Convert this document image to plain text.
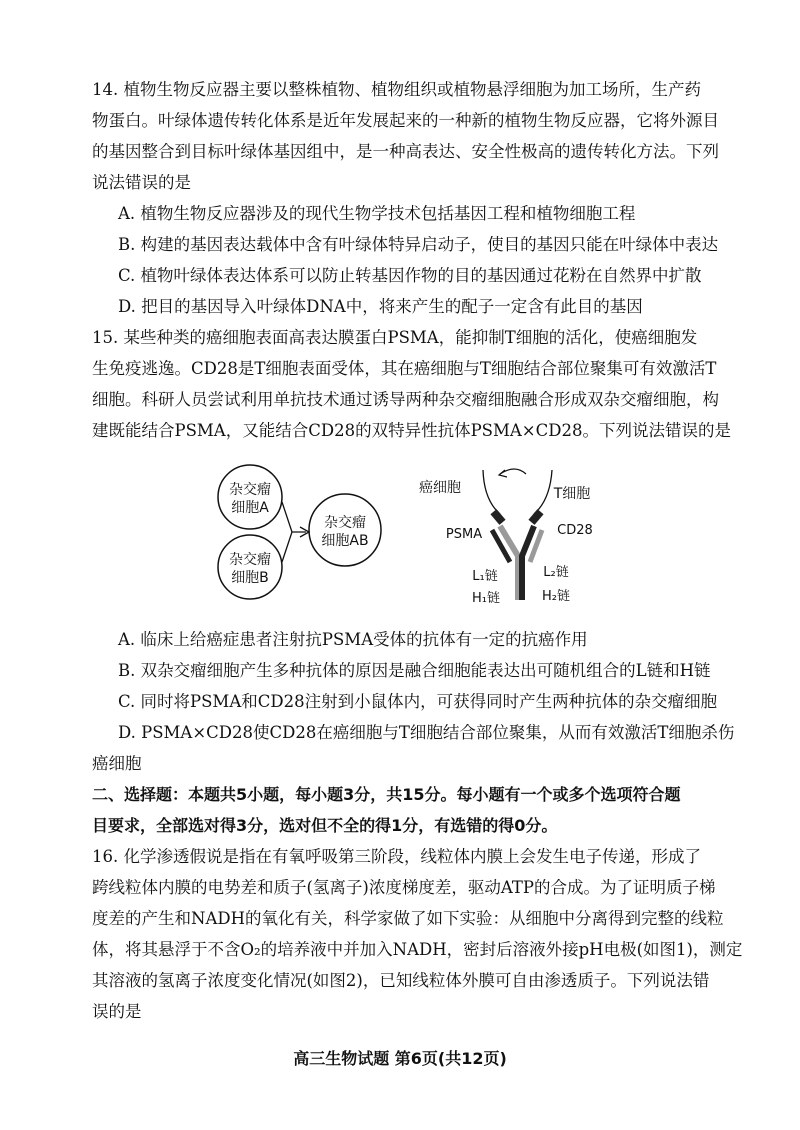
14. 植物生物反应器主要以整株植物、植物组织或植物悬浮细胞为加工场所，生产药
物蛋白。叶绿体遗传转化体系是近年发展起来的一种新的植物生物反应器，它将外源目
的基因整合到目标叶绿体基因组中，是一种高表达、安全性极高的遗传转化方法。下列
说法错误的是
A. 植物生物反应器涉及的现代生物学技术包括基因工程和植物细胞工程
B. 构建的基因表达载体中含有叶绿体特异启动子，使目的基因只能在叶绿体中表达
C. 植物叶绿体表达体系可以防止转基因作物的目的基因通过花粉在自然界中扩散
D. 把目的基因导入叶绿体DNA中，将来产生的配子一定含有此目的基因
15. 某些种类的癌细胞表面高表达膜蛋白PSMA，能抑制T细胞的活化，使癌细胞发
生免疫逃逸。CD28是T细胞表面受体，其在癌细胞与T细胞结合部位聚集可有效激活T
细胞。科研人员尝试利用单抗技术通过诱导两种杂交瘤细胞融合形成双杂交瘤细胞，构
建既能结合PSMA，又能结合CD28的双特异性抗体PSMA×CD28。下列说法错误的是
杂交瘤
细胞A
杂交瘤
细胞B
杂交瘤
细胞AB
癌细胞	T细胞
PSMA	CD28
L₁链	L₂链
H₁链	H₂链
A. 临床上给癌症患者注射抗PSMA受体的抗体有一定的抗癌作用
B. 双杂交瘤细胞产生多种抗体的原因是融合细胞能表达出可随机组合的L链和H链
C. 同时将PSMA和CD28注射到小鼠体内，可获得同时产生两种抗体的杂交瘤细胞
D. PSMA×CD28使CD28在癌细胞与T细胞结合部位聚集，从而有效激活T细胞杀伤
癌细胞
二、选择题：本题共5小题，每小题3分，共15分。每小题有一个或多个选项符合题
目要求，全部选对得3分，选对但不全的得1分，有选错的得0分。
16. 化学渗透假说是指在有氧呼吸第三阶段，线粒体内膜上会发生电子传递，形成了
跨线粒体内膜的电势差和质子(氢离子)浓度梯度差，驱动ATP的合成。为了证明质子梯
度差的产生和NADH的氧化有关，科学家做了如下实验：从细胞中分离得到完整的线粒
体，将其悬浮于不含O₂的培养液中并加入NADH，密封后溶液外接pH电极(如图1)，测定
其溶液的氢离子浓度变化情况(如图2)，已知线粒体外膜可自由渗透质子。下列说法错
误的是
高三生物试题 第6页(共12页)
